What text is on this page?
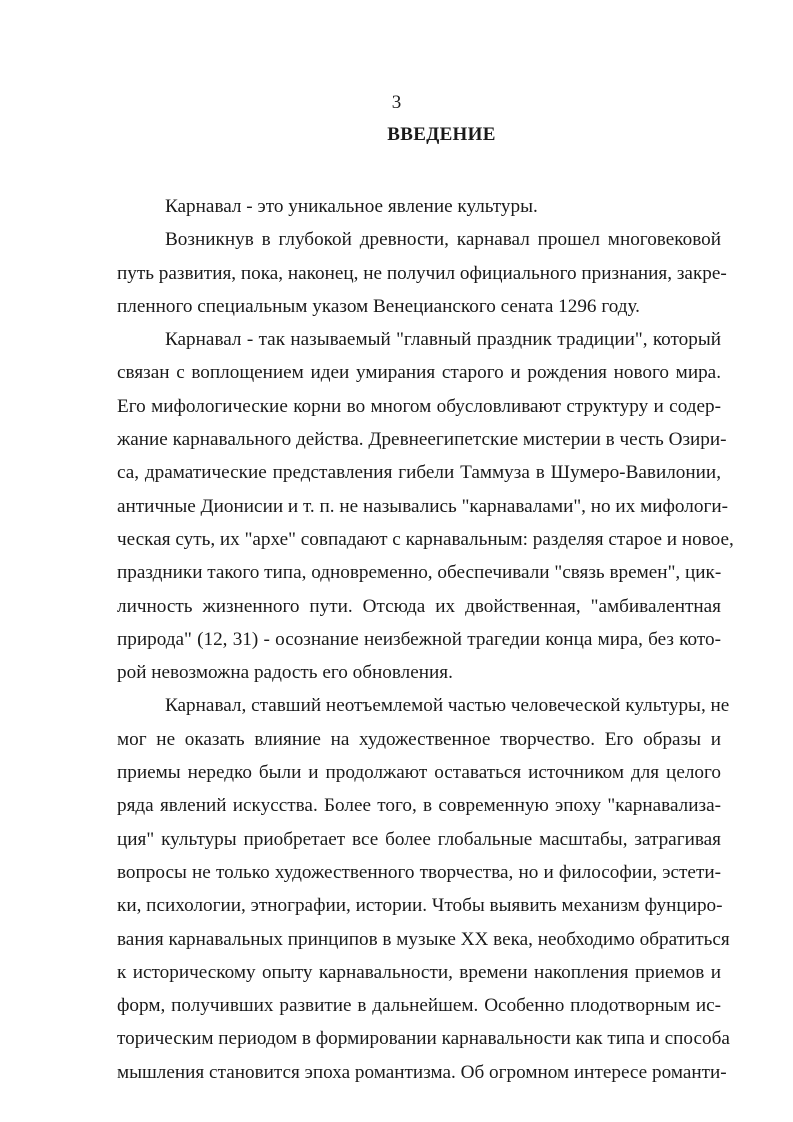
3
ВВЕДЕНИЕ
Карнавал - это уникальное явление культуры.
Возникнув в глубокой древности, карнавал прошел многовековой
путь развития, пока, наконец, не получил официального признания, закре-
пленного специальным указом Венецианского сената 1296 году.
Карнавал - так называемый "главный праздник традиции", который
связан с воплощением идеи умирания старого и рождения нового мира.
Его мифологические корни во многом обусловливают структуру и содер-
жание карнавального действа. Древнеегипетские мистерии в честь Озири-
са, драматические представления гибели Таммуза в Шумеро-Вавилонии,
античные Дионисии и т. п. не назывались "карнавалами", но их мифологи-
ческая суть, их "архе" совпадают с карнавальным: разделяя старое и новое,
праздники такого типа, одновременно, обеспечивали "связь времен", цик-
личность жизненного пути. Отсюда их двойственная, "амбивалентная
природа" (12, 31) - осознание неизбежной трагедии конца мира, без кото-
рой невозможна радость его обновления.
Карнавал, ставший неотъемлемой частью человеческой культуры, не
мог не оказать влияние на художественное творчество. Его образы и
приемы нередко были и продолжают оставаться источником для целого
ряда явлений искусства. Более того, в современную эпоху "карнавализа-
ция" культуры приобретает все более глобальные масштабы, затрагивая
вопросы не только художественного творчества, но и философии, эстети-
ки, психологии, этнографии, истории. Чтобы выявить механизм фунциро-
вания карнавальных принципов в музыке XX века, необходимо обратиться
к историческому опыту карнавальности, времени накопления приемов и
форм, получивших развитие в дальнейшем. Особенно плодотворным ис-
торическим периодом в формировании карнавальности как типа и способа
мышления становится эпоха романтизма. Об огромном интересе романти-
